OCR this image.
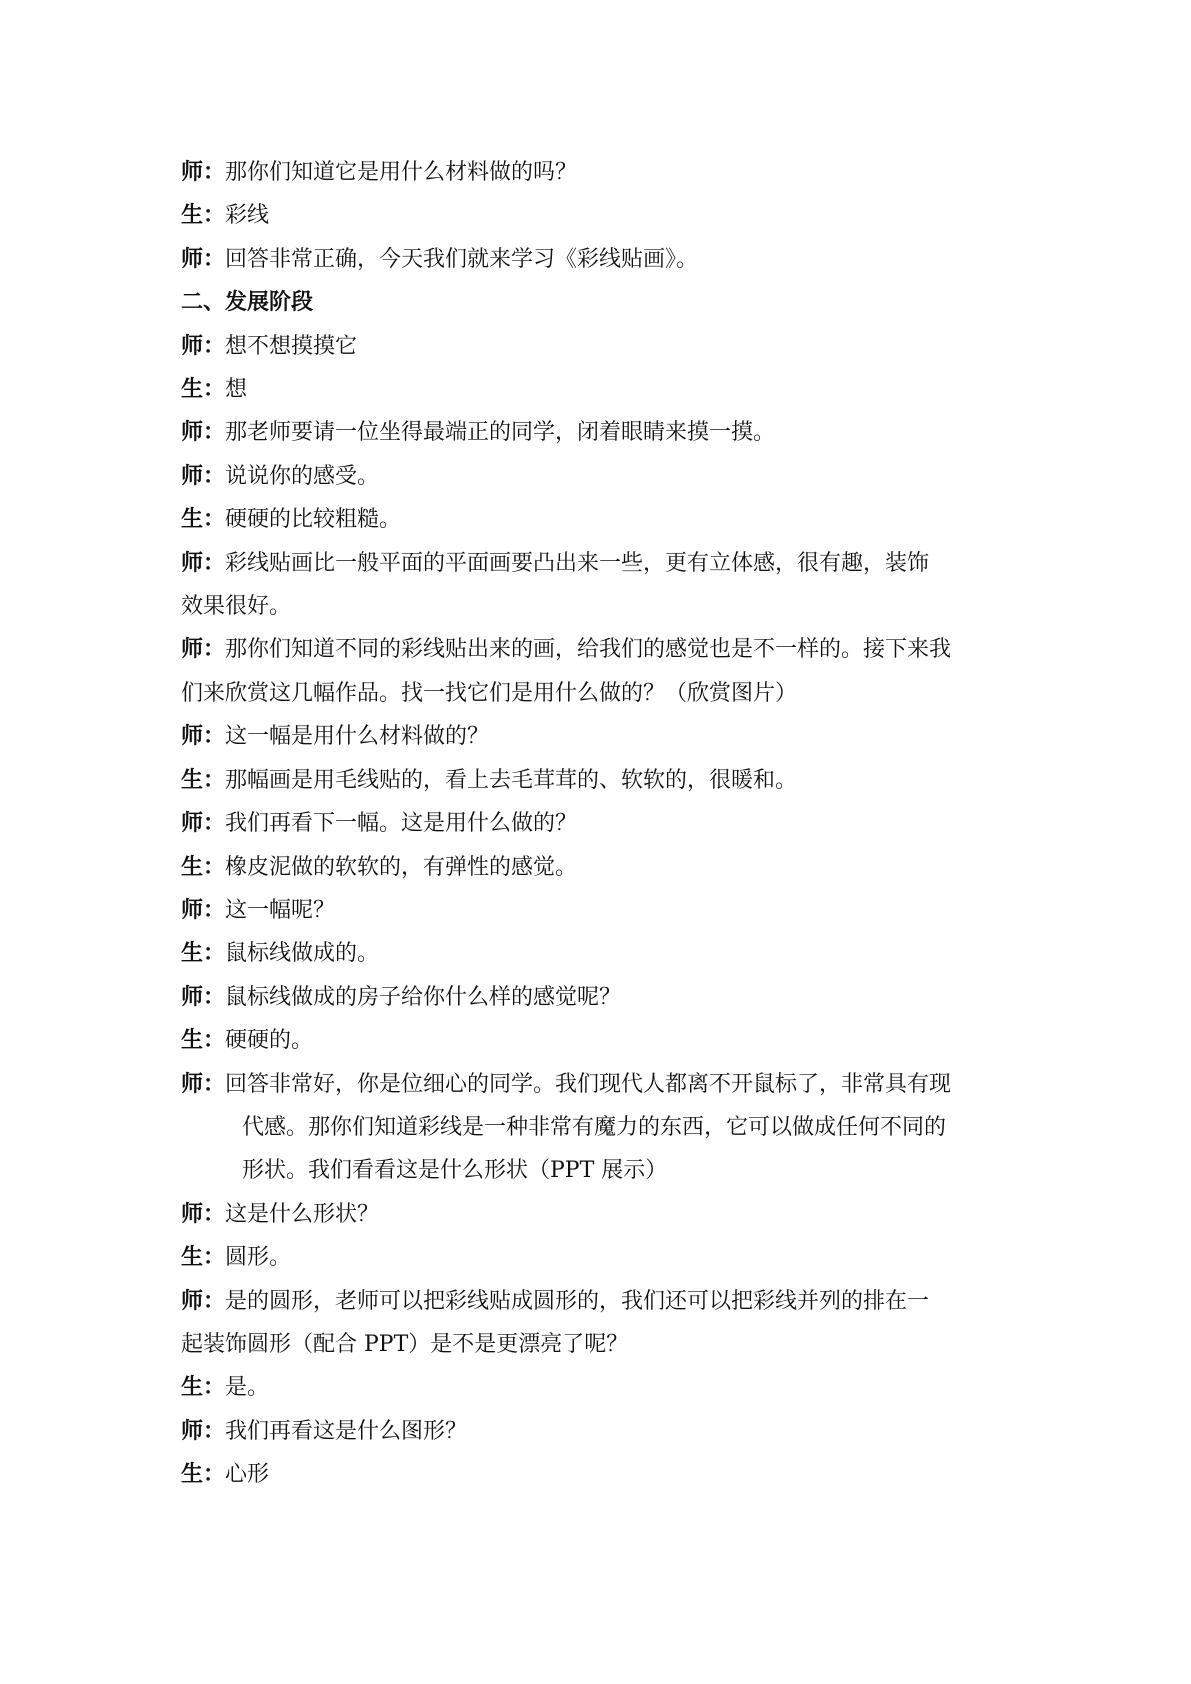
师：那你们知道它是用什么材料做的吗？
生：彩线
师：回答非常正确，今天我们就来学习《彩线贴画》。
二、发展阶段
师：想不想摸摸它
生：想
师：那老师要请一位坐得最端正的同学，闭着眼睛来摸一摸。
师：说说你的感受。
生：硬硬的比较粗糙。
师：彩线贴画比一般平面的平面画要凸出来一些，更有立体感，很有趣，装饰
效果很好。
师：那你们知道不同的彩线贴出来的画，给我们的感觉也是不一样的。接下来我
们来欣赏这几幅作品。找一找它们是用什么做的？（欣赏图片）
师：这一幅是用什么材料做的？
生：那幅画是用毛线贴的，看上去毛茸茸的、软软的，很暖和。
师：我们再看下一幅。这是用什么做的？
生：橡皮泥做的软软的，有弹性的感觉。
师：这一幅呢？
生：鼠标线做成的。
师：鼠标线做成的房子给你什么样的感觉呢？
生：硬硬的。
师：回答非常好，你是位细心的同学。我们现代人都离不开鼠标了，非常具有现
代感。那你们知道彩线是一种非常有魔力的东西，它可以做成任何不同的
形状。我们看看这是什么形状（PPT 展示）
师：这是什么形状？
生：圆形。
师：是的圆形，老师可以把彩线贴成圆形的，我们还可以把彩线并列的排在一
起装饰圆形（配合 PPT）是不是更漂亮了呢？
生：是。
师：我们再看这是什么图形？
生：心形
